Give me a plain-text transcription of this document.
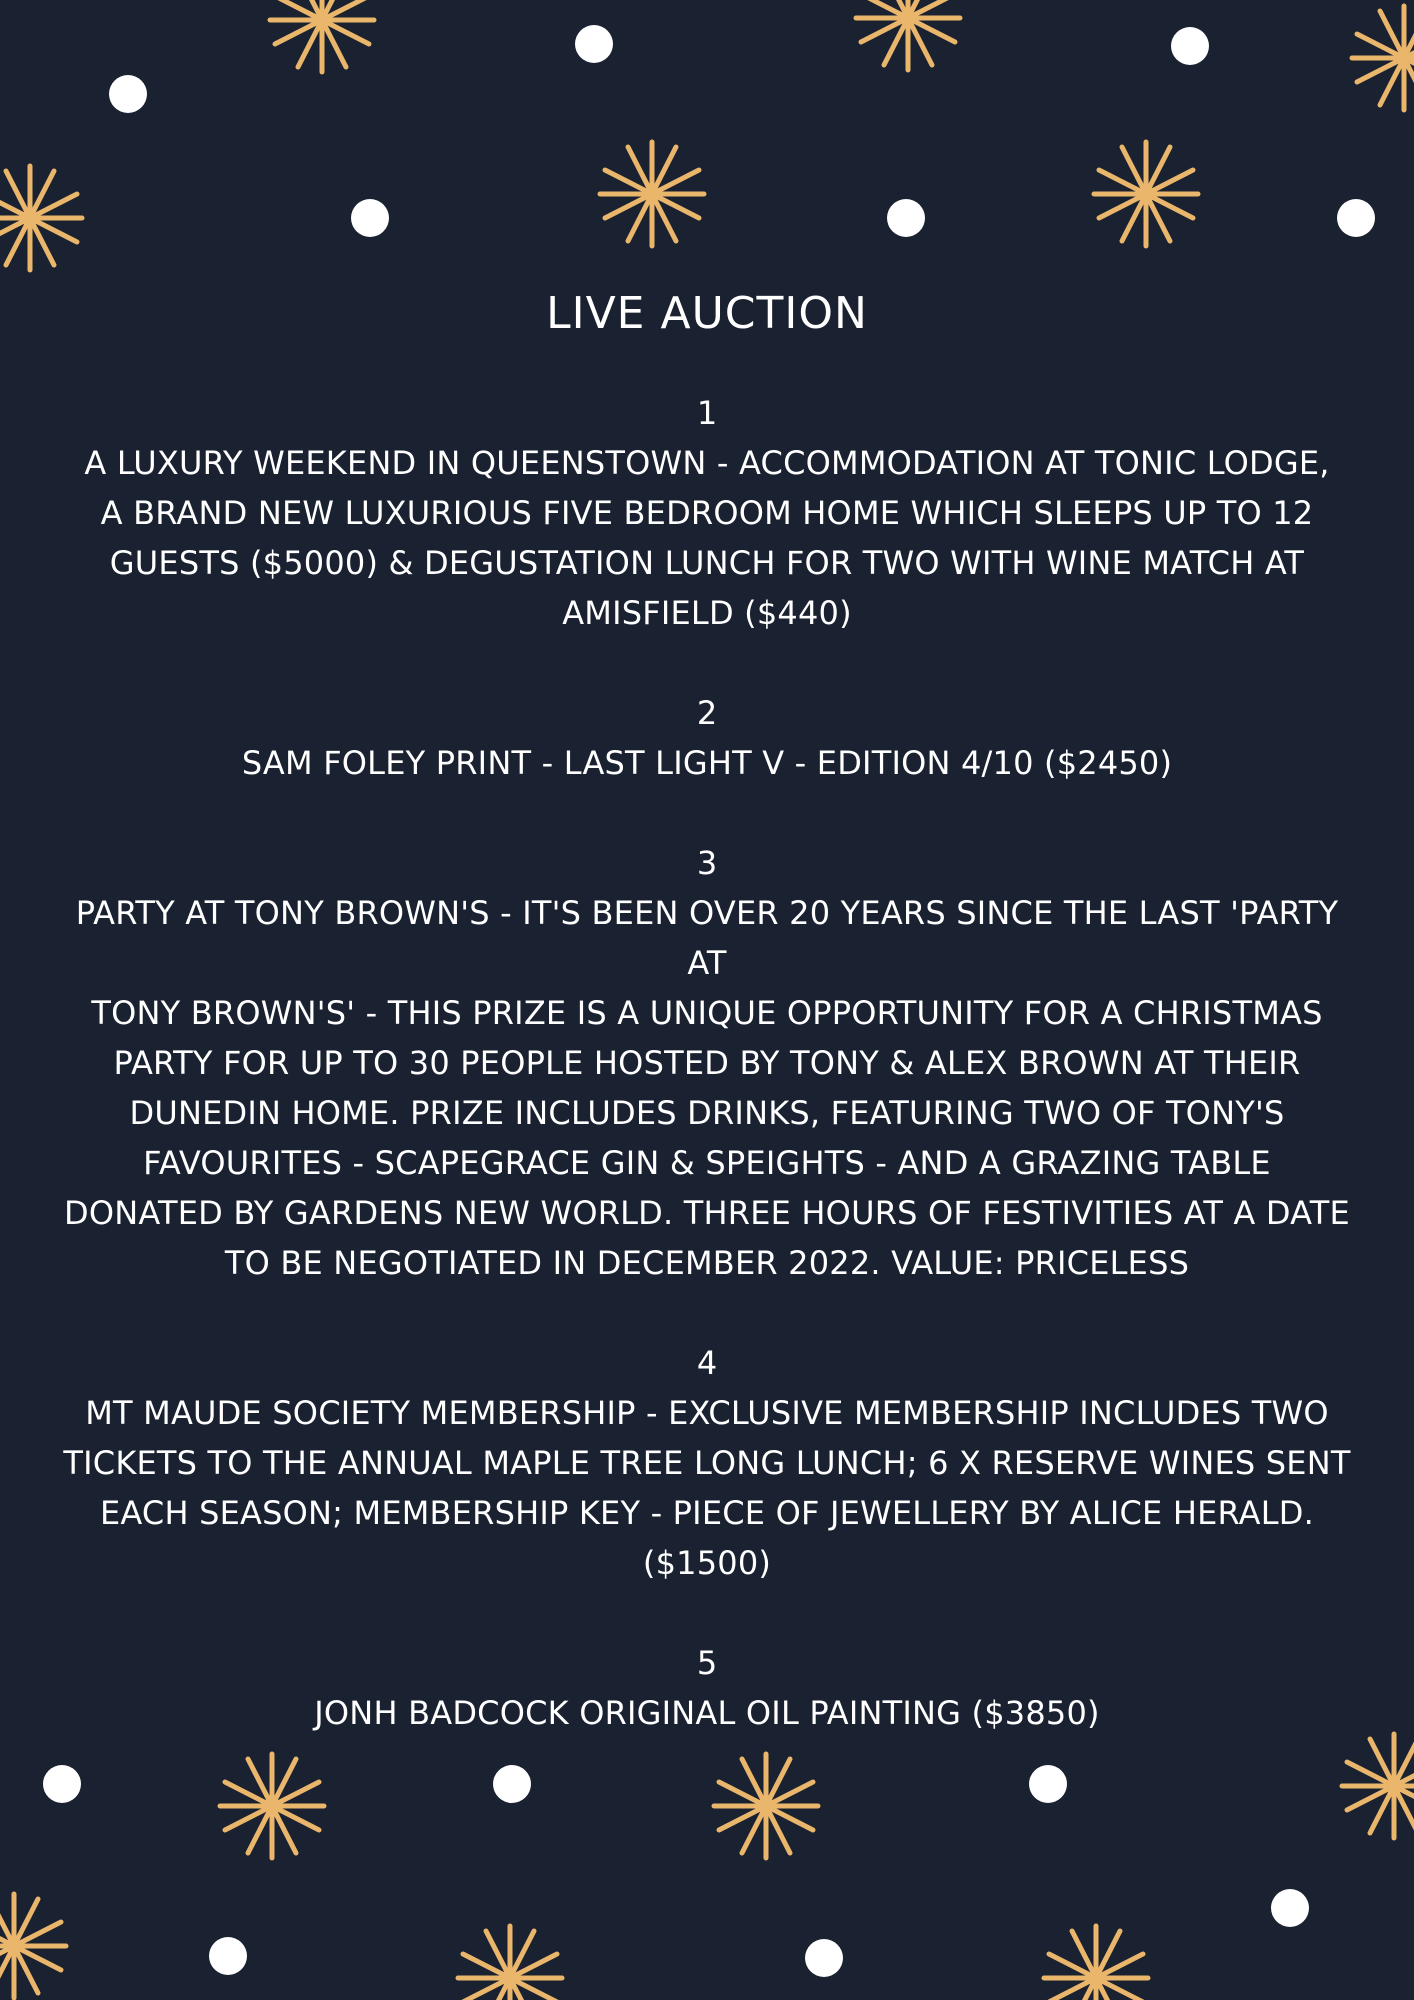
LIVE AUCTION

1

A LUXURY WEEKEND IN QUEENSTOWN - ACCOMMODATION AT TONIC LODGE,
A BRAND NEW LUXURIOUS FIVE BEDROOM HOME WHICH SLEEPS UP TO 12
GUESTS ($5000) & DEGUSTATION LUNCH FOR TWO WITH WINE MATCH AT
AMISFIELD ($440)

2

SAM FOLEY PRINT - LAST LIGHT V - EDITION 4/10 ($2450)

3

PARTY AT TONY BROWN'S - IT'S BEEN OVER 20 YEARS SINCE THE LAST 'PARTY AT
TONY BROWN'S' - THIS PRIZE IS A UNIQUE OPPORTUNITY FOR A CHRISTMAS
PARTY FOR UP TO 30 PEOPLE HOSTED BY TONY & ALEX BROWN AT THEIR
DUNEDIN HOME. PRIZE INCLUDES DRINKS, FEATURING TWO OF TONY'S
FAVOURITES - SCAPEGRACE GIN & SPEIGHTS - AND A GRAZING TABLE
DONATED BY GARDENS NEW WORLD. THREE HOURS OF FESTIVITIES AT A DATE
TO BE NEGOTIATED IN DECEMBER 2022. VALUE: PRICELESS

4

MT MAUDE SOCIETY MEMBERSHIP - EXCLUSIVE MEMBERSHIP INCLUDES TWO
TICKETS TO THE ANNUAL MAPLE TREE LONG LUNCH; 6 X RESERVE WINES SENT
EACH SEASON; MEMBERSHIP KEY - PIECE OF JEWELLERY BY ALICE HERALD.
($1500)

5

JONH BADCOCK ORIGINAL OIL PAINTING ($3850)
